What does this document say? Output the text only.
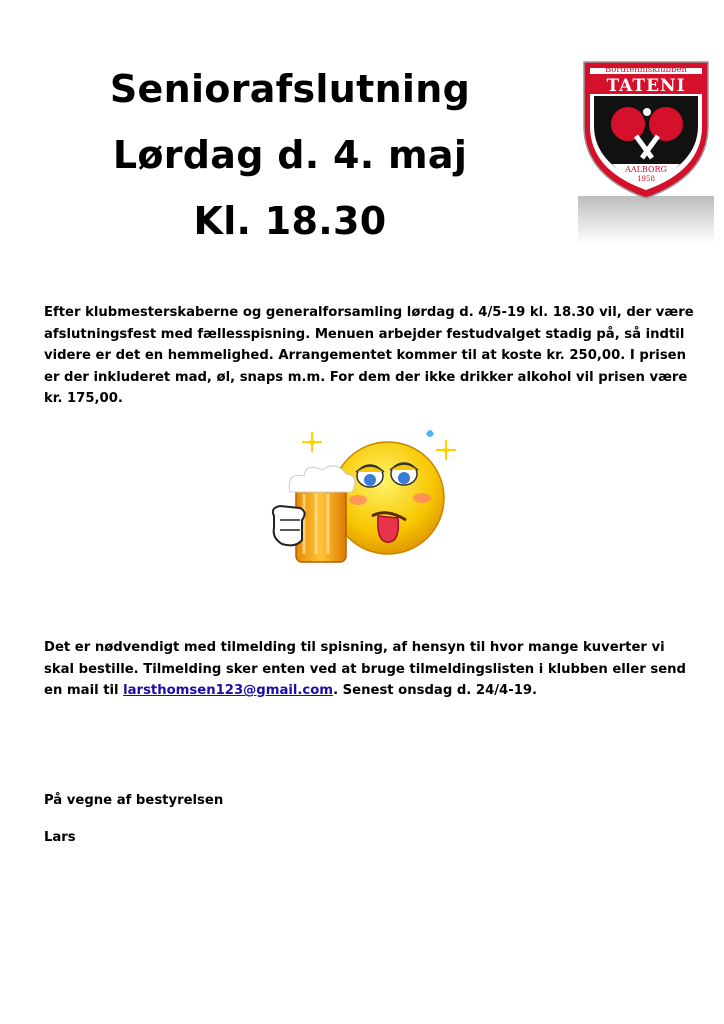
Seniorafslutning
Lørdag d. 4. maj
Kl. 18.30
Bordtennisklubben
TATENI
AALBORG
1958

Efter klubmesterskaberne og generalforsamling lørdag d. 4/5-19 kl. 18.30 vil, der være afslutningsfest med fællesspisning. Menuen arbejder festudvalget stadig på, så indtil videre er det en hemmelighed. Arrangementet kommer til at koste kr. 250,00. I prisen er der inkluderet mad, øl, snaps m.m. For dem der ikke drikker alkohol vil prisen være kr. 175,00.

Det er nødvendigt med tilmelding til spisning, af hensyn til hvor mange kuverter vi skal bestille. Tilmelding sker enten ved at bruge tilmeldingslisten i klubben eller send en mail til larsthomsen123@gmail.com. Senest onsdag d. 24/4-19.

På vegne af bestyrelsen

Lars
